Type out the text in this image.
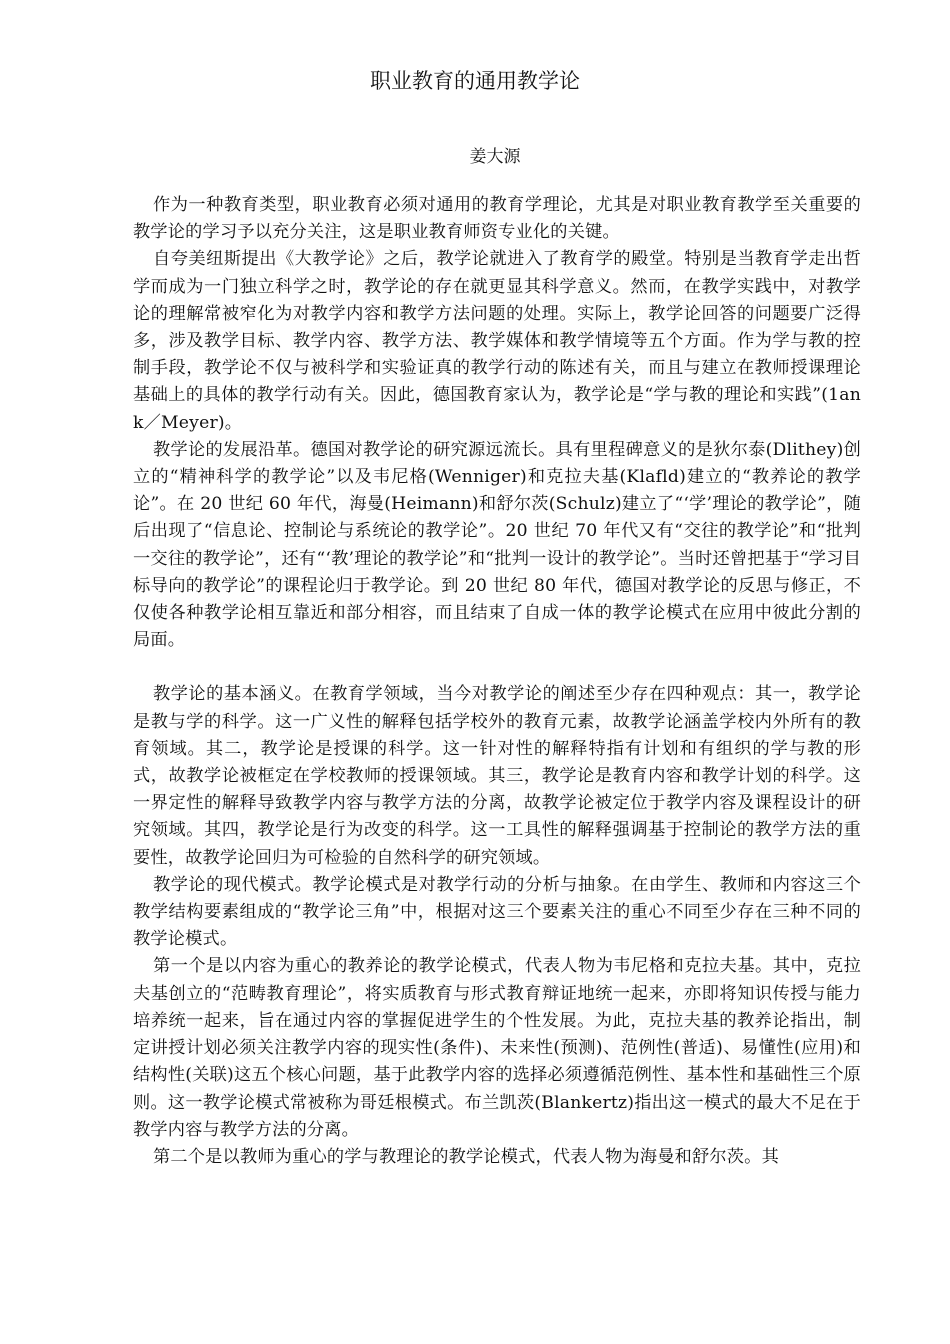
职业教育的通用教学论
姜大源

作为一种教育类型，职业教育必须对通用的教育学理论，尤其是对职业教育教学至关重要的教学论的学习予以充分关注，这是职业教育师资专业化的关键。

自夸美纽斯提出《大教学论》之后，教学论就进入了教育学的殿堂。特别是当教育学走出哲学而成为一门独立科学之时，教学论的存在就更显其科学意义。然而，在教学实践中，对教学论的理解常被窄化为对教学内容和教学方法问题的处理。实际上，教学论回答的问题要广泛得多，涉及教学目标、教学内容、教学方法、教学媒体和教学情境等五个方面。作为学与教的控制手段，教学论不仅与被科学和实验证真的教学行动的陈述有关，而且与建立在教师授课理论基础上的具体的教学行动有关。因此，德国教育家认为，教学论是“学与教的理论和实践”(1ank／Meyer)。

教学论的发展沿革。德国对教学论的研究源远流长。具有里程碑意义的是狄尔泰(Dlithey)创立的“精神科学的教学论”以及韦尼格(Wenniger)和克拉夫基(Klafld)建立的“教养论的教学论”。在 20 世纪 60 年代，海曼(Heimann)和舒尔茨(Schulz)建立了“‘学’理论的教学论”，随后出现了“信息论、控制论与系统论的教学论”。20 世纪 70 年代又有“交往的教学论”和“批判一交往的教学论”，还有“‘教’理论的教学论”和“批判一设计的教学论”。当时还曾把基于“学习目标导向的教学论”的课程论归于教学论。到 20 世纪 80 年代，德国对教学论的反思与修正，不仅使各种教学论相互靠近和部分相容，而且结束了自成一体的教学论模式在应用中彼此分割的局面。

教学论的基本涵义。在教育学领域，当今对教学论的阐述至少存在四种观点：其一，教学论是教与学的科学。这一广义性的解释包括学校外的教育元素，故教学论涵盖学校内外所有的教育领域。其二，教学论是授课的科学。这一针对性的解释特指有计划和有组织的学与教的形式，故教学论被框定在学校教师的授课领域。其三，教学论是教育内容和教学计划的科学。这一界定性的解释导致教学内容与教学方法的分离，故教学论被定位于教学内容及课程设计的研究领域。其四，教学论是行为改变的科学。这一工具性的解释强调基于控制论的教学方法的重要性，故教学论回归为可检验的自然科学的研究领域。

教学论的现代模式。教学论模式是对教学行动的分析与抽象。在由学生、教师和内容这三个教学结构要素组成的“教学论三角”中，根据对这三个要素关注的重心不同至少存在三种不同的教学论模式。

第一个是以内容为重心的教养论的教学论模式，代表人物为韦尼格和克拉夫基。其中，克拉夫基创立的“范畴教育理论”，将实质教育与形式教育辩证地统一起来，亦即将知识传授与能力培养统一起来，旨在通过内容的掌握促进学生的个性发展。为此，克拉夫基的教养论指出，制定讲授计划必须关注教学内容的现实性(条件)、未来性(预测)、范例性(普适)、易懂性(应用)和结构性(关联)这五个核心问题，基于此教学内容的选择必须遵循范例性、基本性和基础性三个原则。这一教学论模式常被称为哥廷根模式。布兰凯茨(Blankertz)指出这一模式的最大不足在于教学内容与教学方法的分离。

第二个是以教师为重心的学与教理论的教学论模式，代表人物为海曼和舒尔茨。其
